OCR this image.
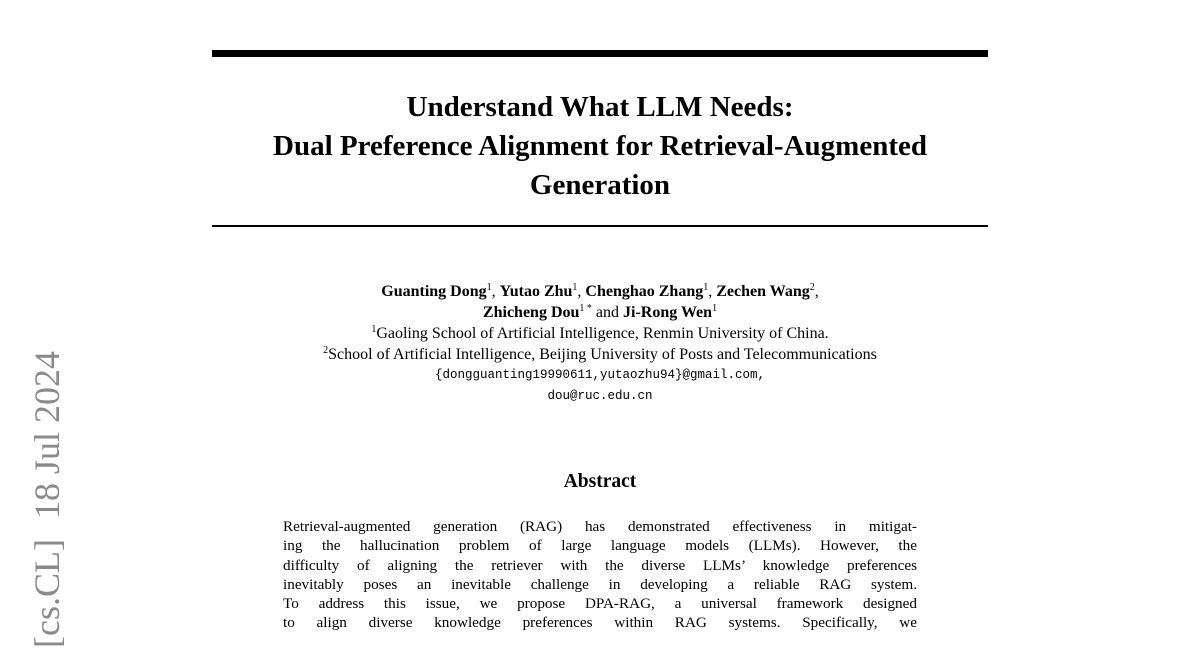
Understand What LLM Needs:
Dual Preference Alignment for Retrieval-Augmented
Generation
Guanting Dong$^1$, Yutao Zhu$^1$, Chenghao Zhang$^1$, Zechen Wang$^2$,
Zhicheng Dou$^{1 *}$ and Ji-Rong Wen$^1$
$^1$Gaoling School of Artificial Intelligence, Renmin University of China.
$^2$School of Artificial Intelligence, Beijing University of Posts and Telecommunications
{dongguanting19990611,yutaozhu94}@gmail.com,
dou@ruc.edu.cn
Abstract
Retrieval-augmented generation (RAG) has demonstrated effectiveness in mitigat-
ing the hallucination problem of large language models (LLMs). However, the
difficulty of aligning the retriever with the diverse LLMs’ knowledge preferences
inevitably poses an inevitable challenge in developing a reliable RAG system.
To address this issue, we propose DPA-RAG, a universal framework designed
to align diverse knowledge preferences within RAG systems. Specifically, we
[cs.CL]18 Jul 2024
